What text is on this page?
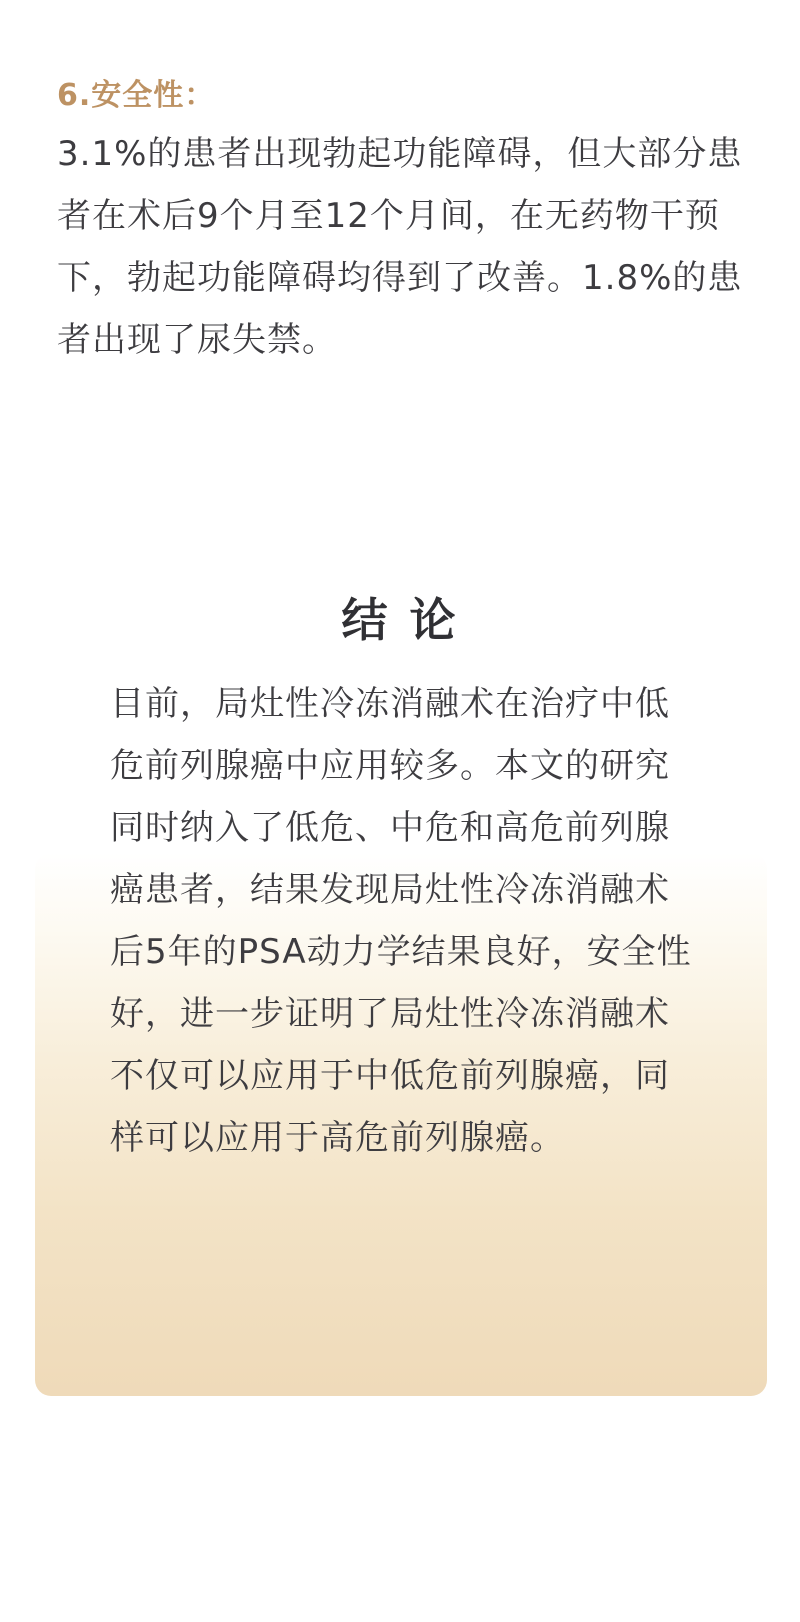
6.安全性：
3.1%的患者出现勃起功能障碍，但大部分患
者在术后9个月至12个月间，在无药物干预
下，勃起功能障碍均得到了改善。1.8%的患
者出现了尿失禁。
结 论
目前，局灶性冷冻消融术在治疗中低
危前列腺癌中应用较多。本文的研究
同时纳入了低危、中危和高危前列腺
癌患者，结果发现局灶性冷冻消融术
后5年的PSA动力学结果良好，安全性
好，进一步证明了局灶性冷冻消融术
不仅可以应用于中低危前列腺癌，同
样可以应用于高危前列腺癌。
